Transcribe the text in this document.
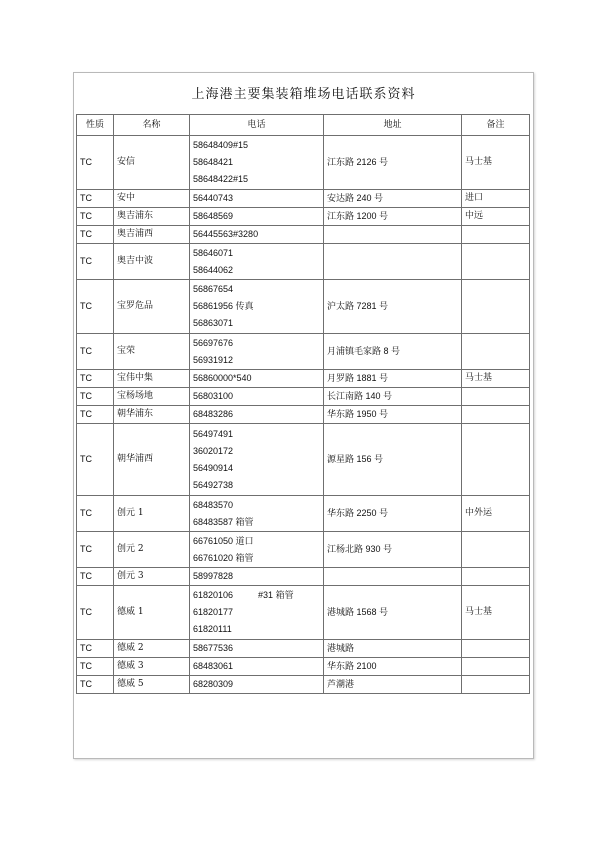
上海港主要集装箱堆场电话联系资料
性质	名称	电话	地址	备注
TC	安信	58648409#15
58648421
58648422#15	江东路 2126 号	马士基
TC	安中	56440743	安达路 240 号	进口
TC	奥吉浦东	58648569	江东路 1200 号	中远
TC	奥吉浦西	56445563#3280		

TC	奥吉中波	58646071
58644062		

TC	宝罗危品	56867654
56861956 传真
56863071	沪太路 7281 号	
TC	宝荣	56697676
56931912	月浦镇毛家路 8 号	
TC	宝伟中集	56860000*540	月罗路 1881 号	马士基
TC	宝杨场地	56803100	长江南路 140 号	
TC	朝华浦东	68483286	华东路 1950 号	
TC	朝华浦西	56497491
36020172
56490914
56492738	源星路 156 号	
TC	创元 1	68483570
68483587 箱管	华东路 2250 号	中外运
TC	创元 2	66761050 道口
66761020 箱管	江杨北路 930 号	
TC	创元 3	58997828		

TC	德威 1	61820106          #31 箱管
61820177
61820111	港城路 1568 号	马士基
TC	德威 2	58677536	港城路	
TC	德威 3	68483061	华东路 2100	
TC	德威 5	68280309	芦潮港	
